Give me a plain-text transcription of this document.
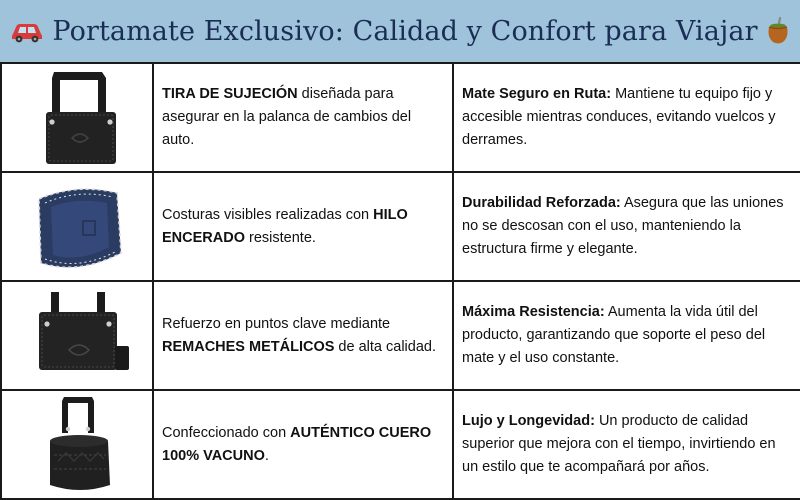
Portamate Exclusivo: Calidad y Confort para Viajar
	TIRA DE SUJECIÓN diseñada para asegurar en la palanca de cambios del auto.	Mate Seguro en Ruta: Mantiene tu equipo fijo y accesible mientras conduces, evitando vuelcos y derrames.

	Costuras visibles realizadas con HILO ENCERADO resistente.	Durabilidad Reforzada: Asegura que las uniones no se descosan con el uso, manteniendo la estructura firme y elegante.

	Refuerzo en puntos clave mediante REMACHES METÁLICOS de alta calidad.	Máxima Resistencia: Aumenta la vida útil del producto, garantizando que soporte el peso del mate y el uso constante.

	Confeccionado con AUTÉNTICO CUERO 100% VACUNO.	Lujo y Longevidad: Un producto de calidad superior que mejora con el tiempo, invirtiendo en un estilo que te acompañará por años.
